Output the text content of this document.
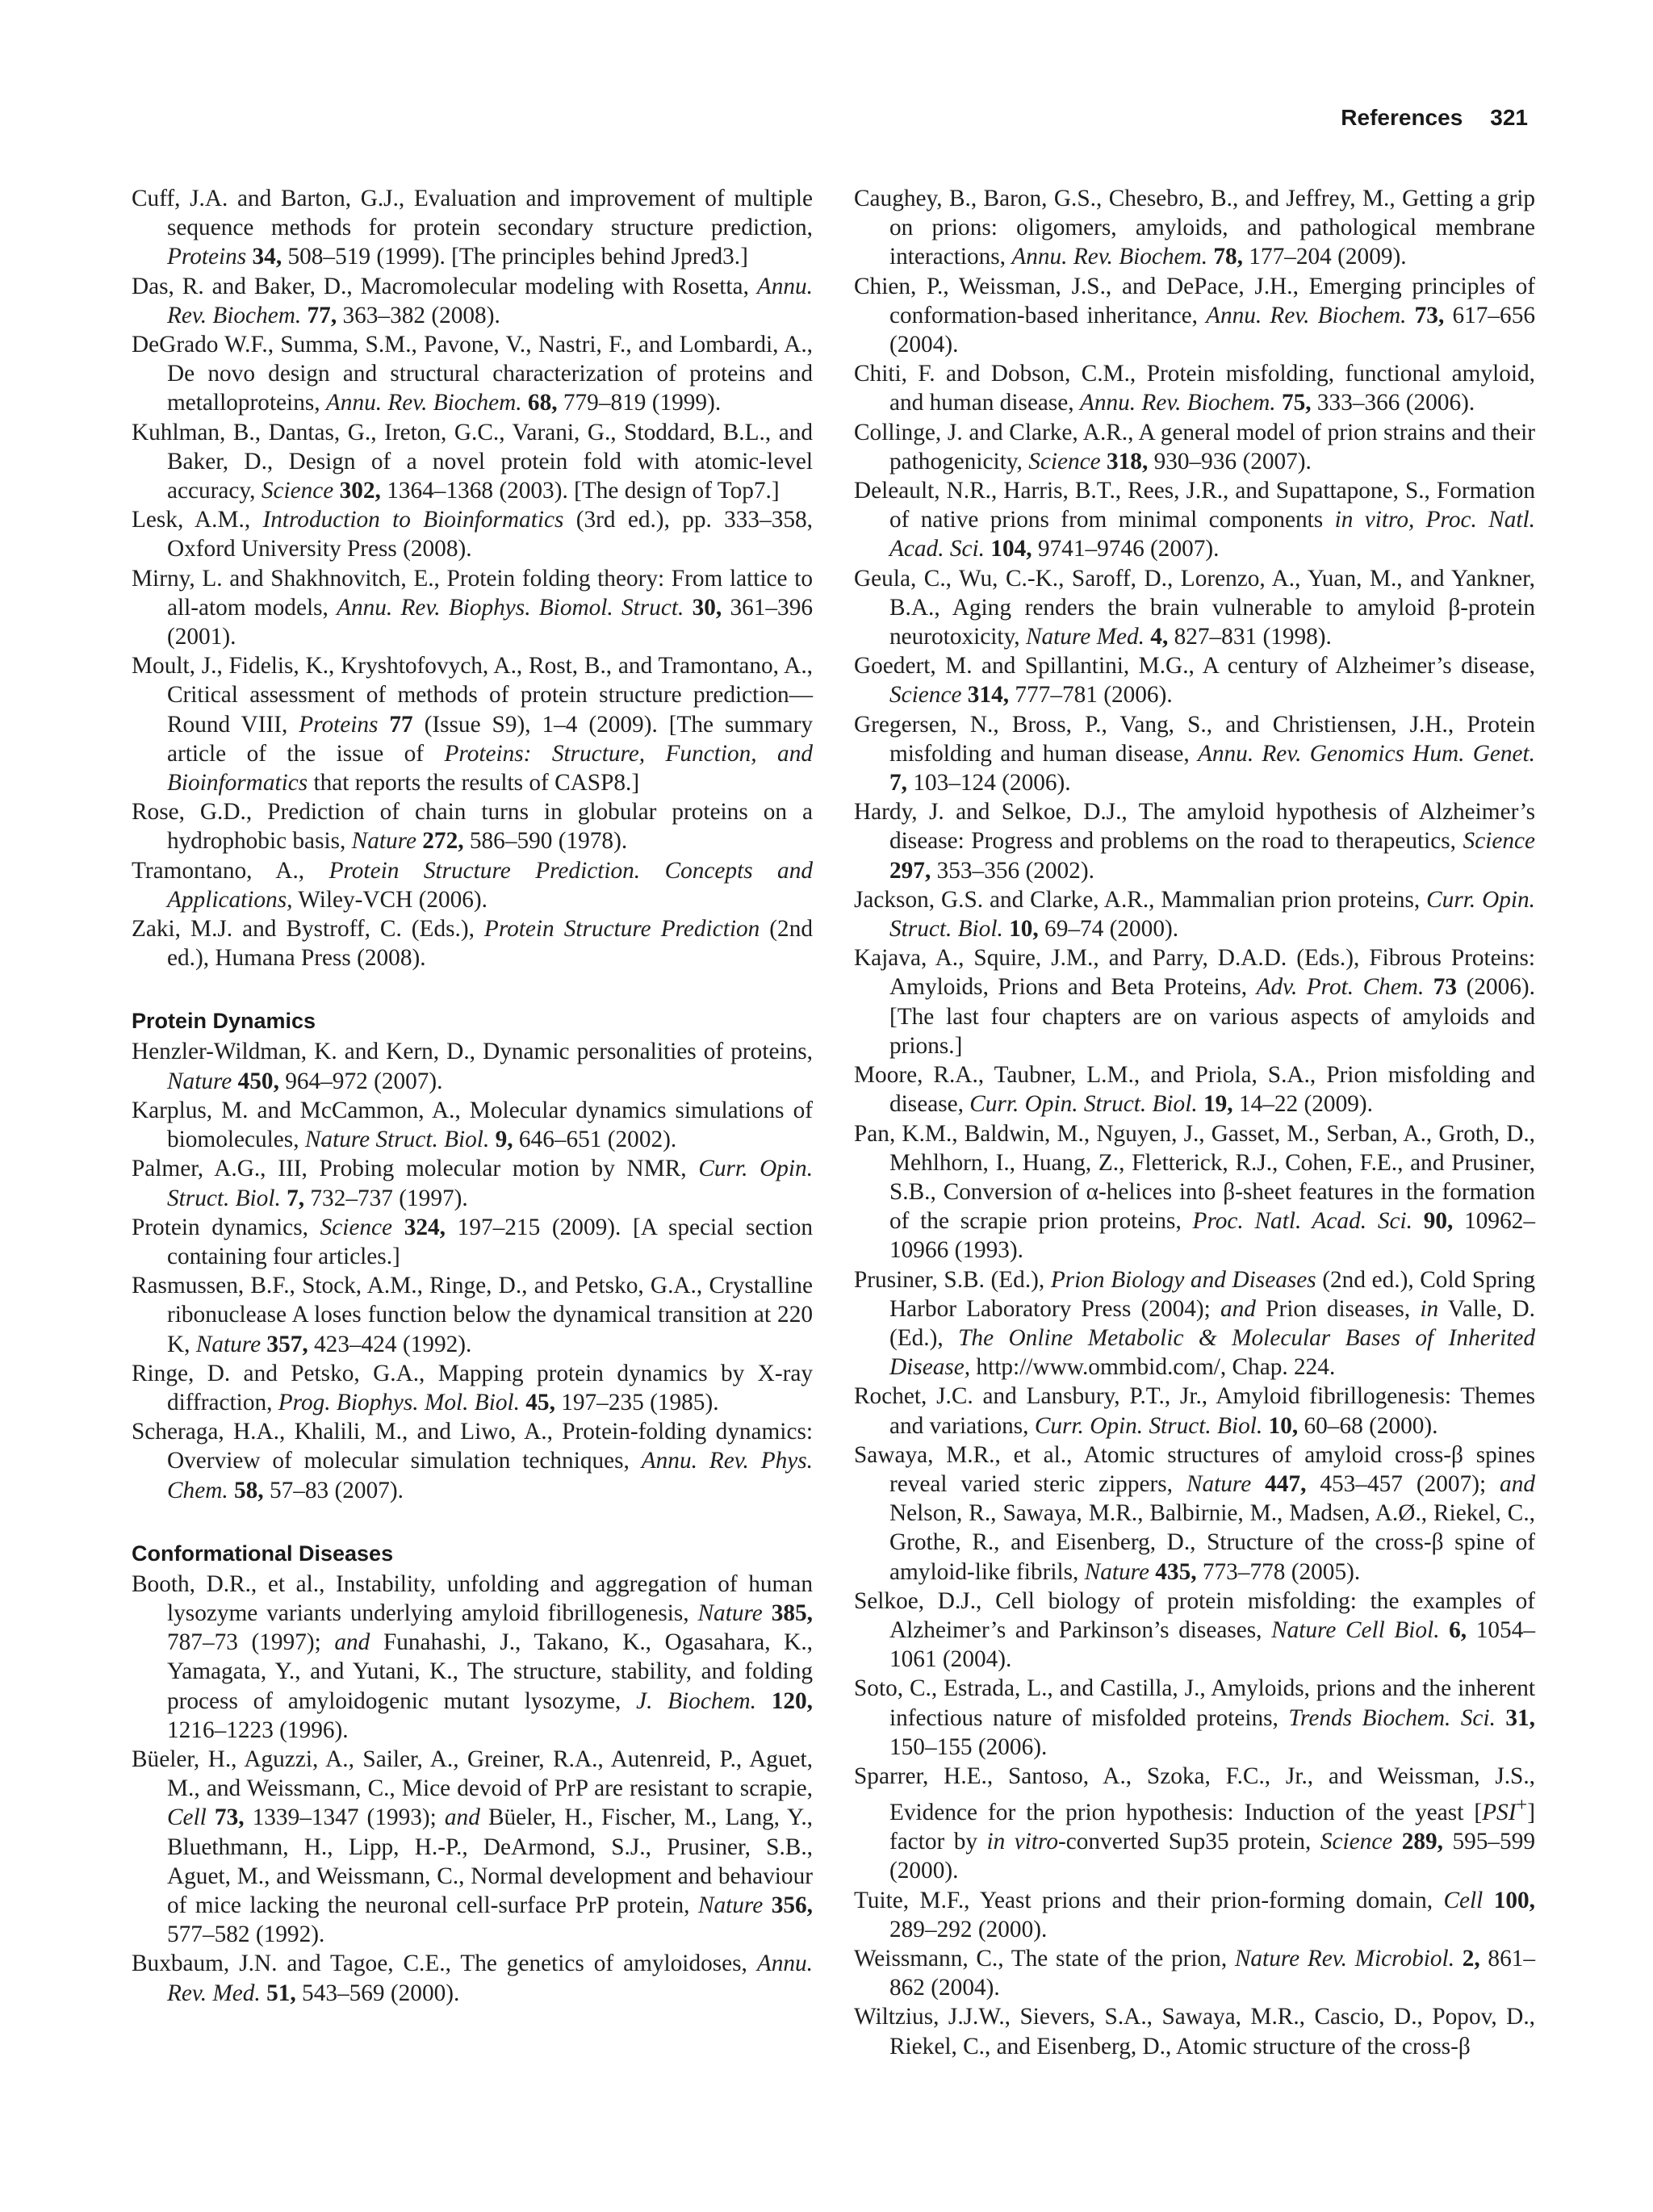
References 321

Cuff, J.A. and Barton, G.J., Evaluation and improvement of multiple sequence methods for protein secondary structure prediction, Proteins 34, 508–519 (1999). [The principles behind Jpred3.]

Das, R. and Baker, D., Macromolecular modeling with Rosetta, Annu. Rev. Biochem. 77, 363–382 (2008).

DeGrado W.F., Summa, S.M., Pavone, V., Nastri, F., and Lombardi, A., De novo design and structural characterization of proteins and metalloproteins, Annu. Rev. Biochem. 68, 779–819 (1999).

Kuhlman, B., Dantas, G., Ireton, G.C., Varani, G., Stoddard, B.L., and Baker, D., Design of a novel protein fold with atomic-level accuracy, Science 302, 1364–1368 (2003). [The design of Top7.]

Lesk, A.M., Introduction to Bioinformatics (3rd ed.), pp. 333–358, Oxford University Press (2008).

Mirny, L. and Shakhnovitch, E., Protein folding theory: From lattice to all-atom models, Annu. Rev. Biophys. Biomol. Struct. 30, 361–396 (2001).

Moult, J., Fidelis, K., Kryshtofovych, A., Rost, B., and Tramontano, A., Critical assessment of methods of protein structure prediction—Round VIII, Proteins 77 (Issue S9), 1–4 (2009). [The summary article of the issue of Proteins: Structure, Function, and Bioinformatics that reports the results of CASP8.]

Rose, G.D., Prediction of chain turns in globular proteins on a hydrophobic basis, Nature 272, 586–590 (1978).

Tramontano, A., Protein Structure Prediction. Concepts and Applications, Wiley-VCH (2006).

Zaki, M.J. and Bystroff, C. (Eds.), Protein Structure Prediction (2nd ed.), Humana Press (2008).

Protein Dynamics

Henzler-Wildman, K. and Kern, D., Dynamic personalities of proteins, Nature 450, 964–972 (2007).

Karplus, M. and McCammon, A., Molecular dynamics simulations of biomolecules, Nature Struct. Biol. 9, 646–651 (2002).

Palmer, A.G., III, Probing molecular motion by NMR, Curr. Opin. Struct. Biol. 7, 732–737 (1997).

Protein dynamics, Science 324, 197–215 (2009). [A special section containing four articles.]

Rasmussen, B.F., Stock, A.M., Ringe, D., and Petsko, G.A., Crystalline ribonuclease A loses function below the dynamical transition at 220 K, Nature 357, 423–424 (1992).

Ringe, D. and Petsko, G.A., Mapping protein dynamics by X-ray diffraction, Prog. Biophys. Mol. Biol. 45, 197–235 (1985).

Scheraga, H.A., Khalili, M., and Liwo, A., Protein-folding dynamics: Overview of molecular simulation techniques, Annu. Rev. Phys. Chem. 58, 57–83 (2007).

Conformational Diseases

Booth, D.R., et al., Instability, unfolding and aggregation of human lysozyme variants underlying amyloid fibrillogenesis, Nature 385, 787–73 (1997); and Funahashi, J., Takano, K., Ogasahara, K., Yamagata, Y., and Yutani, K., The structure, stability, and folding process of amyloidogenic mutant lysozyme, J. Biochem. 120, 1216–1223 (1996).

Büeler, H., Aguzzi, A., Sailer, A., Greiner, R.A., Autenreid, P., Aguet, M., and Weissmann, C., Mice devoid of PrP are resistant to scrapie, Cell 73, 1339–1347 (1993); and Büeler, H., Fischer, M., Lang, Y., Bluethmann, H., Lipp, H.-P., DeArmond, S.J., Prusiner, S.B., Aguet, M., and Weissmann, C., Normal development and behaviour of mice lacking the neuronal cell-surface PrP protein, Nature 356, 577–582 (1992).

Buxbaum, J.N. and Tagoe, C.E., The genetics of amyloidoses, Annu. Rev. Med. 51, 543–569 (2000).

Caughey, B., Baron, G.S., Chesebro, B., and Jeffrey, M., Getting a grip on prions: oligomers, amyloids, and pathological membrane interactions, Annu. Rev. Biochem. 78, 177–204 (2009).

Chien, P., Weissman, J.S., and DePace, J.H., Emerging principles of conformation-based inheritance, Annu. Rev. Biochem. 73, 617–656 (2004).

Chiti, F. and Dobson, C.M., Protein misfolding, functional amyloid, and human disease, Annu. Rev. Biochem. 75, 333–366 (2006).

Collinge, J. and Clarke, A.R., A general model of prion strains and their pathogenicity, Science 318, 930–936 (2007).

Deleault, N.R., Harris, B.T., Rees, J.R., and Supattapone, S., Formation of native prions from minimal components in vitro, Proc. Natl. Acad. Sci. 104, 9741–9746 (2007).

Geula, C., Wu, C.-K., Saroff, D., Lorenzo, A., Yuan, M., and Yankner, B.A., Aging renders the brain vulnerable to amyloid β-protein neurotoxicity, Nature Med. 4, 827–831 (1998).

Goedert, M. and Spillantini, M.G., A century of Alzheimer’s disease, Science 314, 777–781 (2006).

Gregersen, N., Bross, P., Vang, S., and Christiensen, J.H., Protein misfolding and human disease, Annu. Rev. Genomics Hum. Genet. 7, 103–124 (2006).

Hardy, J. and Selkoe, D.J., The amyloid hypothesis of Alzheimer’s disease: Progress and problems on the road to therapeutics, Science 297, 353–356 (2002).

Jackson, G.S. and Clarke, A.R., Mammalian prion proteins, Curr. Opin. Struct. Biol. 10, 69–74 (2000).

Kajava, A., Squire, J.M., and Parry, D.A.D. (Eds.), Fibrous Proteins: Amyloids, Prions and Beta Proteins, Adv. Prot. Chem. 73 (2006). [The last four chapters are on various aspects of amyloids and prions.]

Moore, R.A., Taubner, L.M., and Priola, S.A., Prion misfolding and disease, Curr. Opin. Struct. Biol. 19, 14–22 (2009).

Pan, K.M., Baldwin, M., Nguyen, J., Gasset, M., Serban, A., Groth, D., Mehlhorn, I., Huang, Z., Fletterick, R.J., Cohen, F.E., and Prusiner, S.B., Conversion of α-helices into β-sheet features in the formation of the scrapie prion proteins, Proc. Natl. Acad. Sci. 90, 10962–10966 (1993).

Prusiner, S.B. (Ed.), Prion Biology and Diseases (2nd ed.), Cold Spring Harbor Laboratory Press (2004); and Prion diseases, in Valle, D. (Ed.), The Online Metabolic & Molecular Bases of Inherited Disease, http://www.ommbid.com/, Chap. 224.

Rochet, J.C. and Lansbury, P.T., Jr., Amyloid fibrillogenesis: Themes and variations, Curr. Opin. Struct. Biol. 10, 60–68 (2000).

Sawaya, M.R., et al., Atomic structures of amyloid cross-β spines reveal varied steric zippers, Nature 447, 453–457 (2007); and Nelson, R., Sawaya, M.R., Balbirnie, M., Madsen, A.Ø., Riekel, C., Grothe, R., and Eisenberg, D., Structure of the cross-β spine of amyloid-like fibrils, Nature 435, 773–778 (2005).

Selkoe, D.J., Cell biology of protein misfolding: the examples of Alzheimer’s and Parkinson’s diseases, Nature Cell Biol. 6, 1054–1061 (2004).

Soto, C., Estrada, L., and Castilla, J., Amyloids, prions and the inherent infectious nature of misfolded proteins, Trends Biochem. Sci. 31, 150–155 (2006).

Sparrer, H.E., Santoso, A., Szoka, F.C., Jr., and Weissman, J.S., Evidence for the prion hypothesis: Induction of the yeast [PSI+] factor by in vitro-converted Sup35 protein, Science 289, 595–599 (2000).

Tuite, M.F., Yeast prions and their prion-forming domain, Cell 100, 289–292 (2000).

Weissmann, C., The state of the prion, Nature Rev. Microbiol. 2, 861–862 (2004).

Wiltzius, J.J.W., Sievers, S.A., Sawaya, M.R., Cascio, D., Popov, D., Riekel, C., and Eisenberg, D., Atomic structure of the cross-β
